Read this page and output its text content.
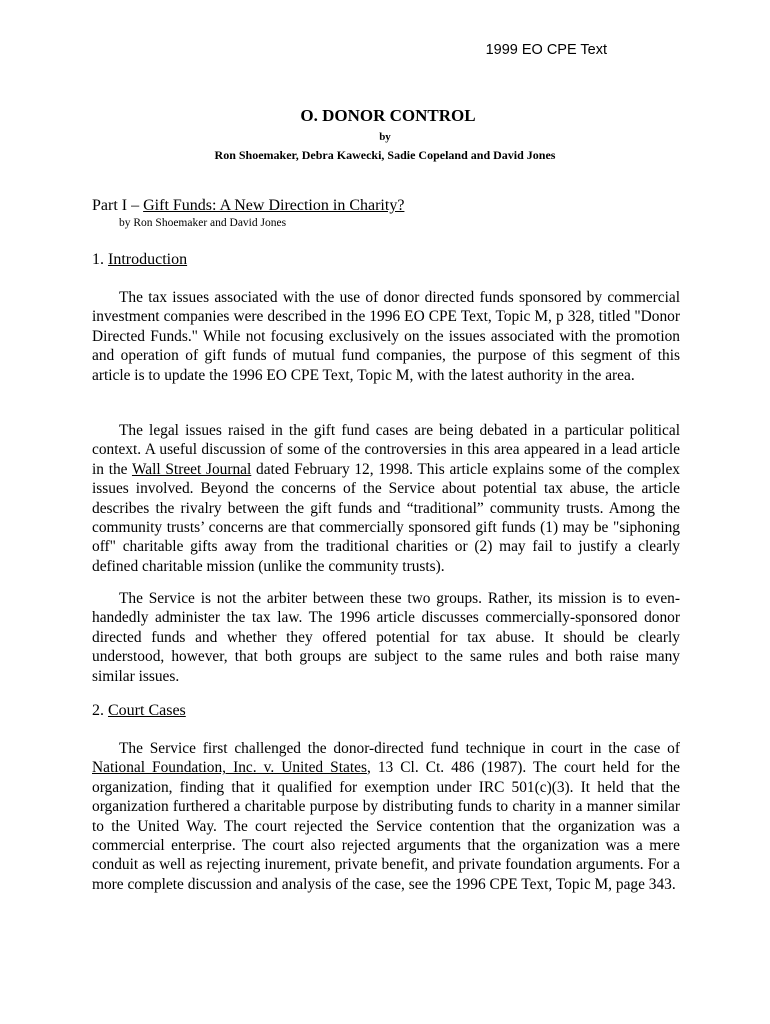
1999 EO CPE Text
O. DONOR CONTROL
by
Ron Shoemaker, Debra Kawecki, Sadie Copeland and David Jones
Part I – Gift Funds: A New Direction in Charity?
by Ron Shoemaker and David Jones
1. Introduction

The tax issues associated with the use of donor directed funds sponsored by commercial investment companies were described in the 1996 EO CPE Text, Topic M, p 328, titled "Donor Directed Funds." While not focusing exclusively on the issues associated with the promotion and operation of gift funds of mutual fund companies, the purpose of this segment of this article is to update the 1996 EO CPE Text, Topic M, with the latest authority in the area.

The legal issues raised in the gift fund cases are being debated in a particular political context. A useful discussion of some of the controversies in this area appeared in a lead article in the Wall Street Journal dated February 12, 1998. This article explains some of the complex issues involved. Beyond the concerns of the Service about potential tax abuse, the article describes the rivalry between the gift funds and “traditional” community trusts. Among the community trusts’ concerns are that commercially sponsored gift funds (1) may be "siphoning off" charitable gifts away from the traditional charities or (2) may fail to justify a clearly defined charitable mission (unlike the community trusts).

The Service is not the arbiter between these two groups. Rather, its mission is to even-handedly administer the tax law. The 1996 article discusses commercially-sponsored donor directed funds and whether they offered potential for tax abuse. It should be clearly understood, however, that both groups are subject to the same rules and both raise many similar issues.

2. Court Cases

The Service first challenged the donor-directed fund technique in court in the case of National Foundation, Inc. v. United States, 13 Cl. Ct. 486 (1987). The court held for the organization, finding that it qualified for exemption under IRC 501(c)(3). It held that the organization furthered a charitable purpose by distributing funds to charity in a manner similar to the United Way. The court rejected the Service contention that the organization was a commercial enterprise. The court also rejected arguments that the organization was a mere conduit as well as rejecting inurement, private benefit, and private foundation arguments. For a more complete discussion and analysis of the case, see the 1996 CPE Text, Topic M, page 343.
